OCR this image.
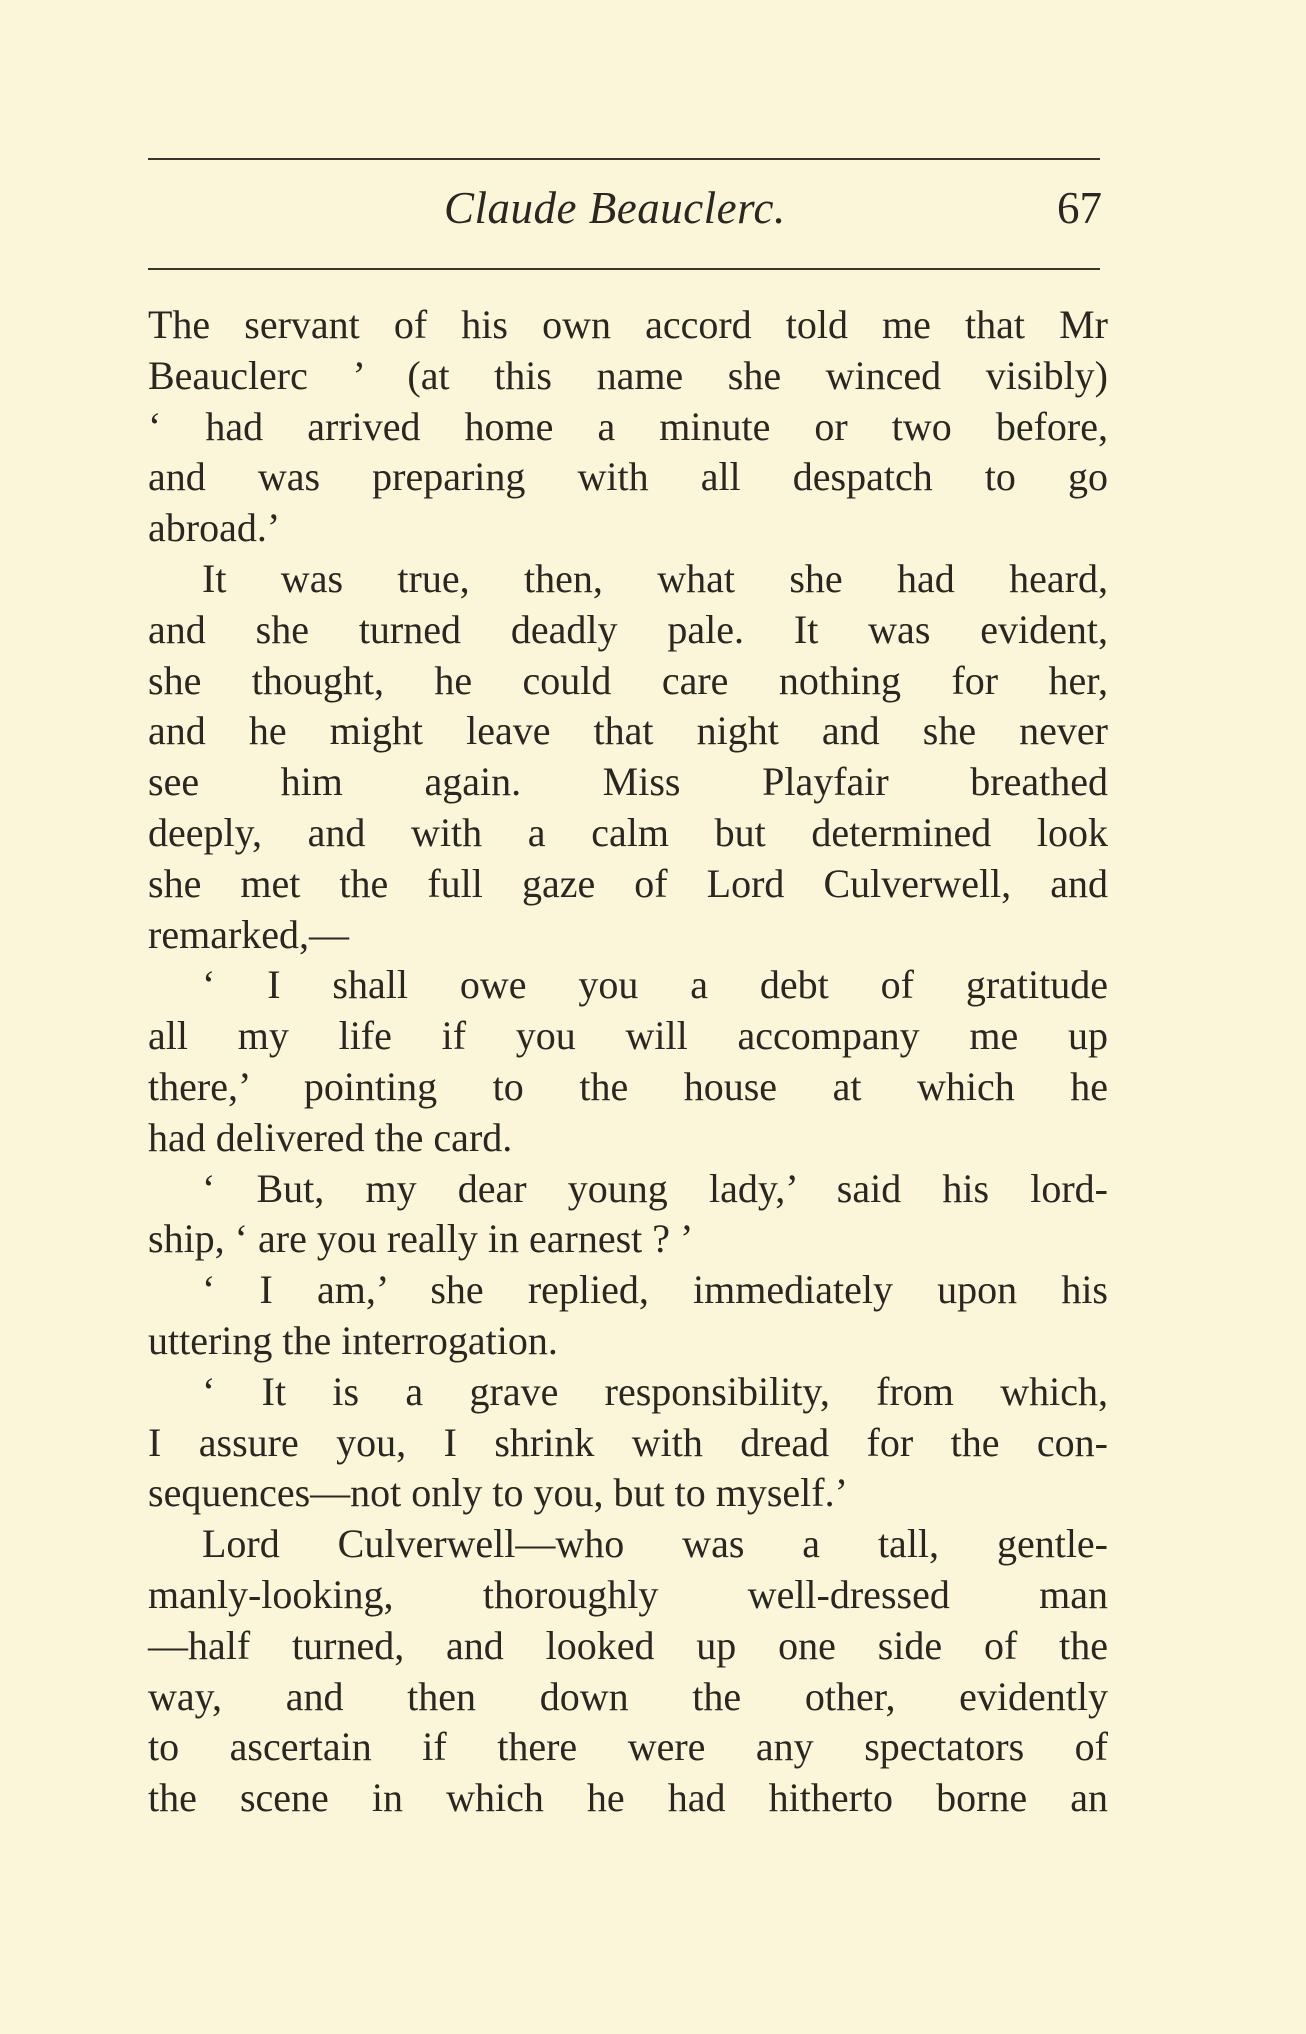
Claude Beauclerc.	67
The servant of his own accord told me that Mr
Beauclerc ’ (at this name she winced visibly)
‘ had arrived home a minute or two before,
and was preparing with all despatch to go
abroad.’
It was true, then, what she had heard,
and she turned deadly pale. It was evident,
she thought, he could care nothing for her,
and he might leave that night and she never
see him again. Miss Playfair breathed
deeply, and with a calm but determined look
she met the full gaze of Lord Culverwell, and
remarked,—
‘ I shall owe you a debt of gratitude
all my life if you will accompany me up
there,’ pointing to the house at which he
had delivered the card.
‘ But, my dear young lady,’ said his lord-
ship, ‘ are you really in earnest ? ’
‘ I am,’ she replied, immediately upon his
uttering the interrogation.
‘ It is a grave responsibility, from which,
I assure you, I shrink with dread for the con-
sequences—not only to you, but to myself.’
Lord Culverwell—who was a tall, gentle-
manly-looking, thoroughly well-dressed man
—half turned, and looked up one side of the
way, and then down the other, evidently
to ascertain if there were any spectators of
the scene in which he had hitherto borne an
